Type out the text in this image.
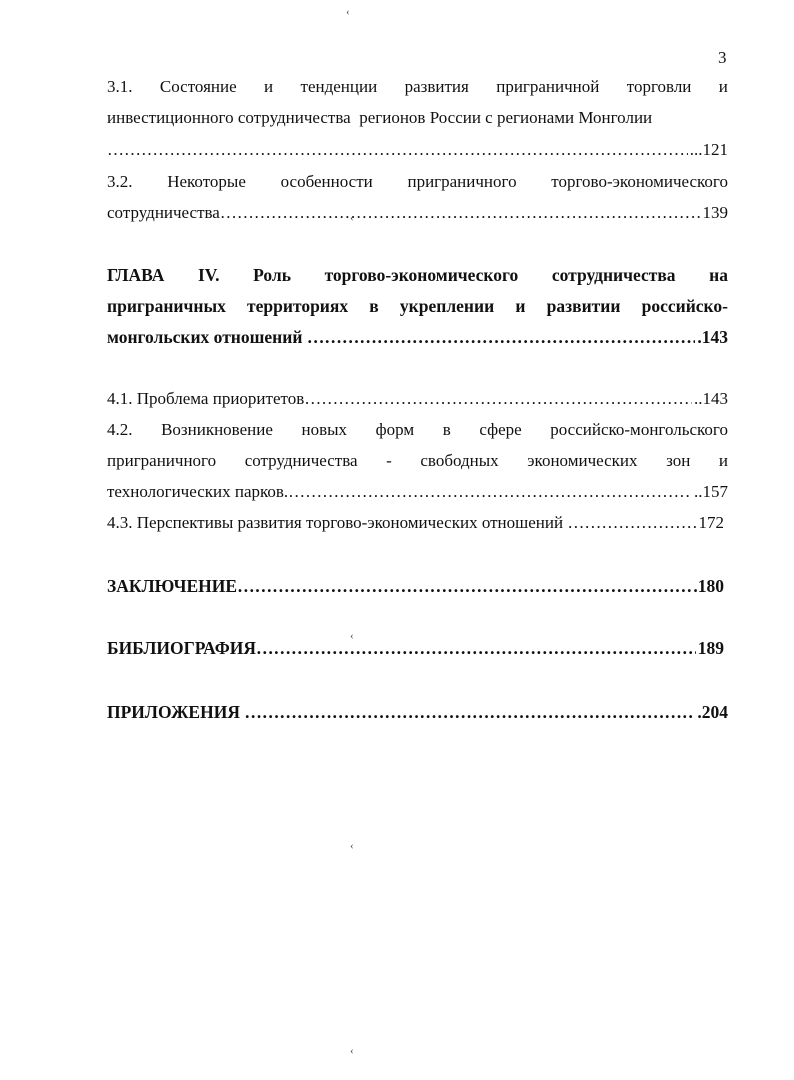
‹
‹
‹
‹
‹
3
3.1. Состояние и тенденции развития приграничной торговли и
инвестиционного сотрудничества  регионов России с регионами Монголии
……………………………………………………………………………………………………………………………………………
...121
3.2. Некоторые особенности приграничного торгово-экономического
сотрудничества ……………………………………………………………………………………………………………………………………………	139
ГЛАВА IV. Роль торгово-экономического сотрудничества на
приграничных территориях в укреплении и развитии российско-
монгольских отношений ……………………………………………………………………………………………………………………………………………	.143
4.1. Проблема приоритетов ……………………………………………………………………………………………………………………………………………	..143
4.2. Возникновение новых форм в сфере российско-монгольского
приграничного сотрудничества - свободных экономических зон и
технологических парков. ……………………………………………………………………………………………………………………………………………	..157
4.3. Перспективы развития торгово-экономических отношений ……………………………………………………………………………………………………………………………………………	172
ЗАКЛЮЧЕНИЕ ……………………………………………………………………………………………………………………………………………	.180
БИБЛИОГРАФИЯ ……………………………………………………………………………………………………………………………………………	189
ПРИЛОЖЕНИЯ ……………………………………………………………………………………………………………………………………………	.204
